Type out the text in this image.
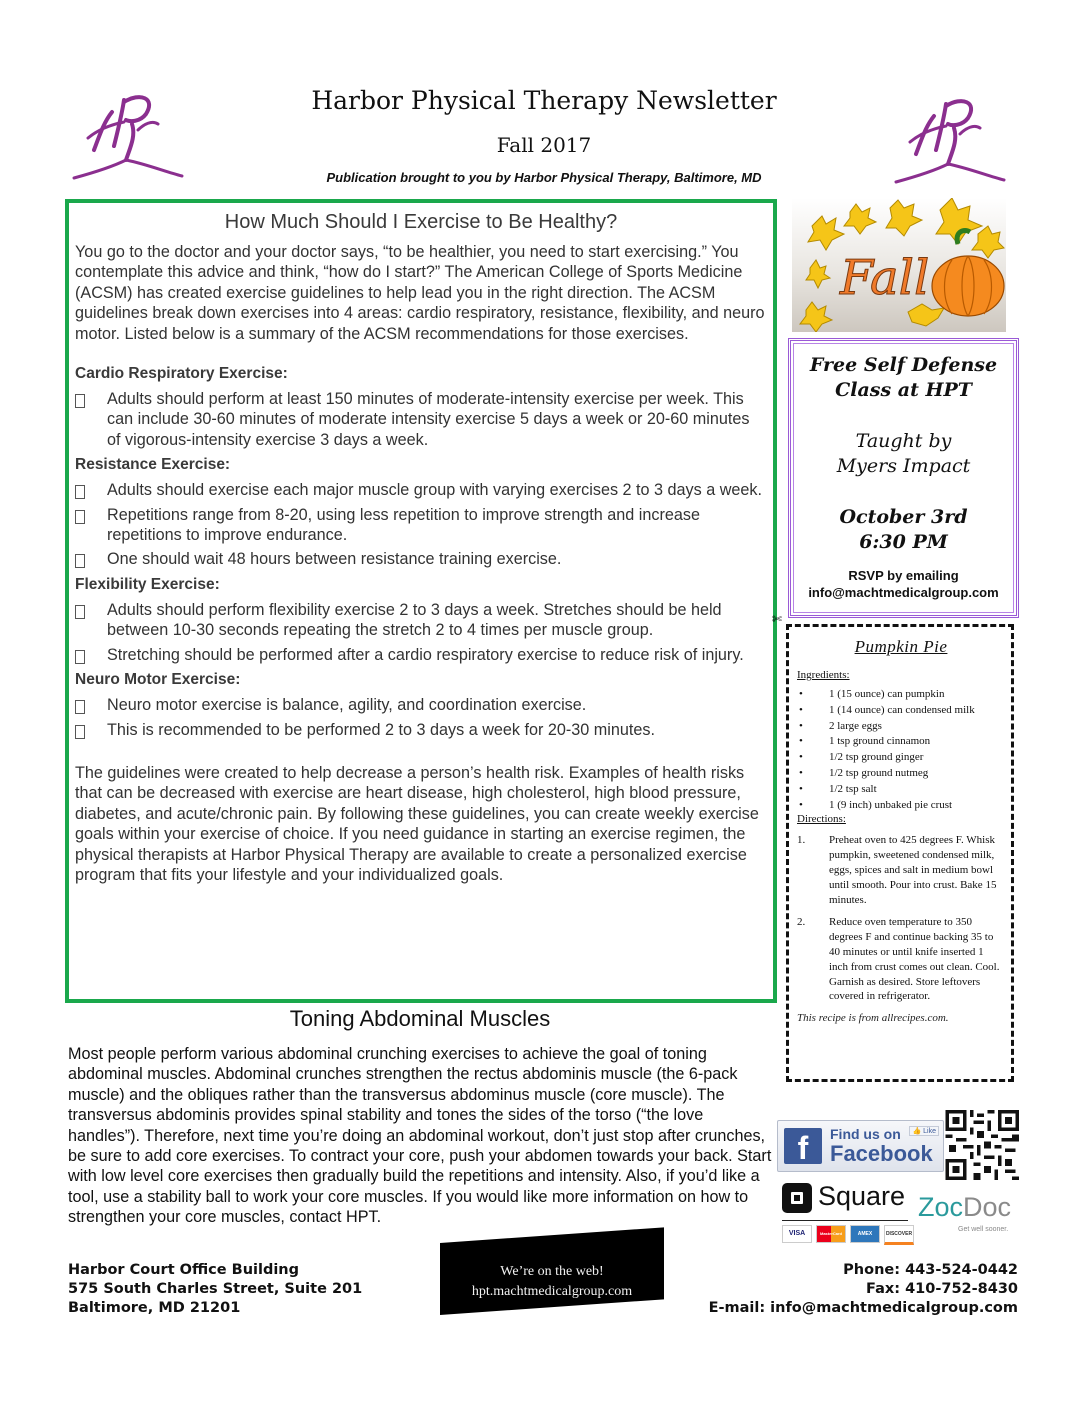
Harbor Physical Therapy Newsletter
Fall 2017
Publication brought to you by Harbor Physical Therapy, Baltimore, MD
How Much Should I Exercise to Be Healthy?

You go to the doctor and your doctor says, “to be healthier, you need to start exercising.” You contemplate this advice and think, “how do I start?” The American College of Sports Medicine (ACSM) has created exercise guidelines to help lead you in the right direction. The ACSM guidelines break down exercises into 4 areas: cardio respiratory, resistance, flexibility, and neuro motor. Listed below is a summary of the ACSM recommendations for those exercises.

Cardio Respiratory Exercise:

Adults should perform at least 150 minutes of moderate-intensity exercise per week. This can include 30-60 minutes of moderate intensity exercise 5 days a week or 20-60 minutes of vigorous-intensity exercise 3 days a week.

Resistance Exercise:

Adults should exercise each major muscle group with varying exercises 2 to 3 days a week.
Repetitions range from 8-20, using less repetition to improve strength and increase repetitions to improve endurance.
One should wait 48 hours between resistance training exercise.

Flexibility Exercise:

Adults should perform flexibility exercise 2 to 3 days a week. Stretches should be held between 10-30 seconds repeating the stretch 2 to 4 times per muscle group.
Stretching should be performed after a cardio respiratory exercise to reduce risk of injury.

Neuro Motor Exercise:

Neuro motor exercise is balance, agility, and coordination exercise.
This is recommended to be performed 2 to 3 days a week for 20-30 minutes.

The guidelines were created to help decrease a person’s health risk. Examples of health risks that can be decreased with exercise are heart disease, high cholesterol, high blood pressure, diabetes, and acute/chronic pain. By following these guidelines, you can create weekly exercise goals within your exercise of choice. If you need guidance in starting an exercise regimen, the physical therapists at Harbor Physical Therapy are available to create a personalized exercise program that fits your lifestyle and your individualized goals.

Toning Abdominal Muscles
Most people perform various abdominal crunching exercises to achieve the goal of toning abdominal muscles. Abdominal crunches strengthen the rectus abdominis muscle (the 6-pack muscle) and the obliques rather than the transversus abdominus muscle (core muscle). The transversus abdominis provides spinal stability and tones the sides of the torso (“the love handles”). Therefore, next time you’re doing an abdominal workout, don’t just stop after crunches, be sure to add core exercises. To contract your core, push your abdomen towards your back. Start with low level core exercises then gradually build the repetitions and intensity. Also, if you’d like a tool, use a stability ball to work your core muscles. If you would like more information on how to strengthen your core muscles, contact HPT.
Fall
Free Self Defense
Class at HPT
Taught by
Myers Impact
October 3rd
6:30 PM
RSVP by emailing
info@machtmedicalgroup.com
✄
Pumpkin Pie
Ingredients:
• 1 (15 ounce) can pumpkin
• 1 (14 ounce) can condensed milk
• 2 large eggs
• 1 tsp ground cinnamon
• 1/2 tsp ground ginger
• 1/2 tsp ground nutmeg
• 1/2 tsp salt
• 1 (9 inch) unbaked pie crust
Directions:
1. Preheat oven to 425 degrees F. Whisk pumpkin, sweetened condensed milk, eggs, spices and salt in medium bowl until smooth. Pour into crust. Bake 15 minutes.
2. Reduce oven temperature to 350 degrees F and continue backing 35 to 40 minutes or until knife inserted 1 inch from crust comes out clean. Cool. Garnish as desired. Store leftovers covered in refrigerator.
This recipe is from allrecipes.com.
f	Find us on
Facebook
👍 Like
Square
VISA	MasterCard	AMEX	DISCOVER
ZocDoc
Get well sooner.
Harbor Court Office Building
575 South Charles Street, Suite 201
Baltimore, MD 21201
We’re on the web!
hpt.machtmedicalgroup.com
Phone: 443-524-0442
Fax: 410-752-8430
E-mail: info@machtmedicalgroup.com
